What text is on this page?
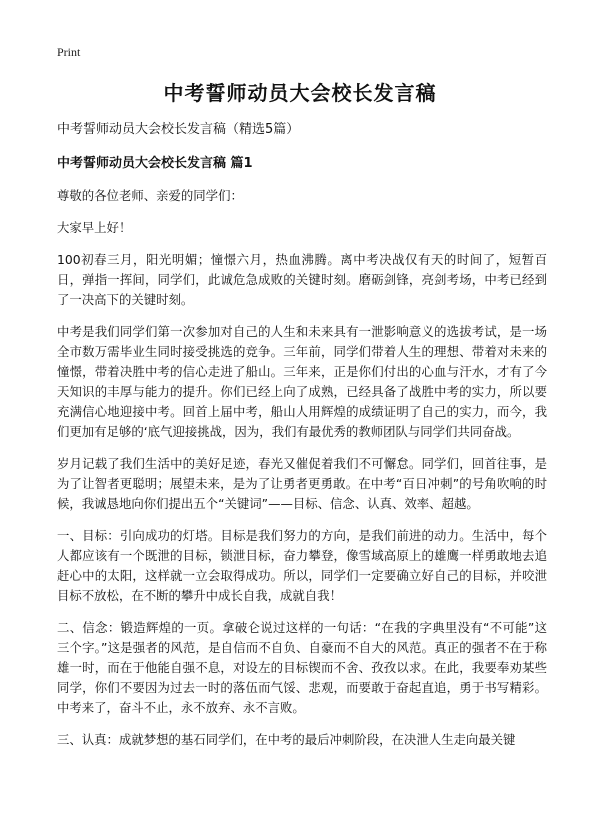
Print
中考誓师动员大会校长发言稿

中考誓师动员大会校长发言稿（精选5篇）

中考誓师动员大会校长发言稿 篇1

尊敬的各位老师、亲爱的同学们：

大家早上好！

100初春三月，阳光明媚；憧憬六月，热血沸腾。离中考决战仅有天的时间了，短暂百日，弹指一挥间，同学们，此诚危急成败的关键时刻。磨砺剑锋，亮剑考场，中考已经到了一决高下的关键时刻。

中考是我们同学们第一次参加对自己的人生和未来具有一泄影响意义的选拔考试，是一场全市数万需毕业生同时接受挑选的竞争。三年前，同学们带着人生的理想、带着对未来的憧憬，带着决胜中考的信心走进了船山。三年来，正是你们付出的心血与汗水，才有了今天知识的丰厚与能力的提升。你们已经上向了成熟，已经具备了战胜中考的实力，所以要充满信心地迎接中考。回首上届中考，船山人用辉煌的成绩证明了自己的实力，而今，我们更加有足够的‘底气迎接挑战，因为，我们有最优秀的教师团队与同学们共同奋战。

岁月记载了我们生活中的美好足迹，春光又催促着我们不可懈怠。同学们，回首往事，是为了让智者更聪明；展望未来，是为了让勇者更勇敢。在中考“百日冲刺”的号角吹响的时候，我诚恳地向你们提出五个“关键词”——目标、信念、认真、效率、超越。

一、目标：引向成功的灯塔。目标是我们努力的方向，是我们前进的动力。生活中，每个人都应该有一个既泄的目标，锁泄目标，奋力攀登，像雪域高原上的雄鹰一样勇敢地去追赶心中的太阳，这样就一立会取得成功。所以，同学们一定要确立好自己的目标，并咬泄目标不放松，在不断的攀升中成长自我，成就自我！

二、信念：锻造辉煌的一页。拿破仑说过这样的一句话：“在我的字典里没有“不可能”这三个字。”这是强者的风范，是自信而不自负、自豪而不自大的风范。真正的强者不在于称雄一时，而在于他能自强不息，对设左的目标锲而不舍、孜孜以求。在此，我要奉劝某些同学，你们不要因为过去一时的落伍而气馁、悲观，而要敢于奋起直追，勇于书写精彩。中考来了，奋斗不止，永不放弃、永不言败。

三、认真：成就梦想的基石同学们，在中考的最后冲刺阶段，在决泄人生走向最关键
